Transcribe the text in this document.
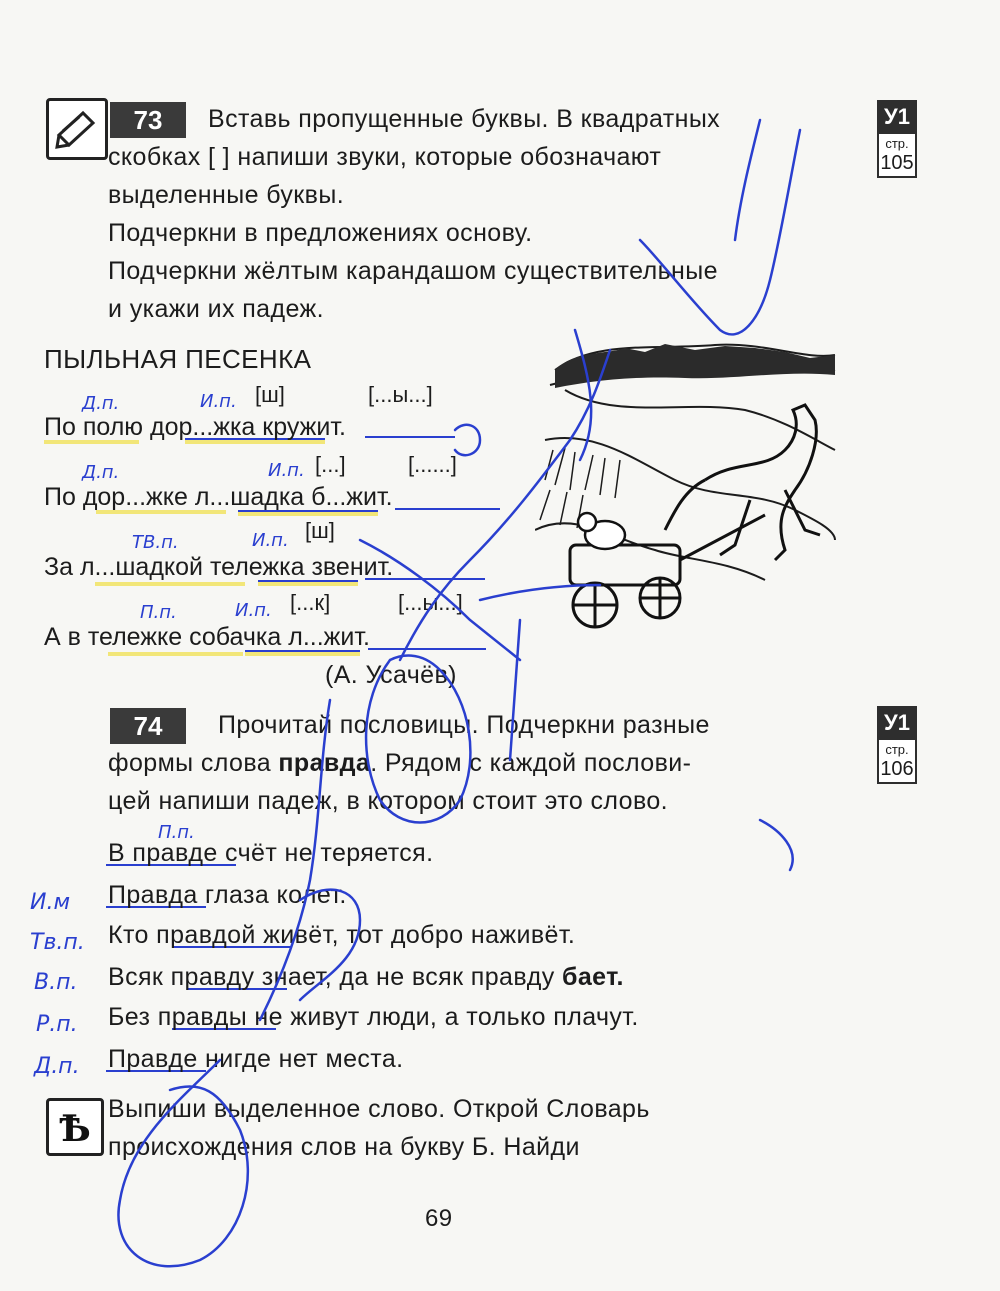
73	Вставь пропущенные буквы. В квадратных
скобках [ ] напиши звуки, которые обозначают
выделенные буквы.
Подчеркни в предложениях основу.
Подчеркни жёлтым карандашом существительные
и укажи их падеж.
У1
стр.
105
ПЫЛЬНАЯ ПЕСЕНКА
[ш]	[...ы...]
Д.п.	И.п.
По полю дор...жка кружит.
[...]	[......]
Д.п.	И.п.
По дор...жке л...шадка б...жит.
[ш]
ТВ.п.	И.п.
За л...шадкой тележка звенит.
[...к]	[...ы...]
П.п.	И.п.
А в тележке собачка л...жит.
(А. Усачёв)
74	Прочитай пословицы. Подчеркни разные
формы слова правда. Рядом с каждой послови-
цей напиши падеж, в котором стоит это слово.
У1
стр.
106
П.п.
В правде счёт не теряется.
И.м Правда глаза колет.
Тв.п. Кто правдой живёт, тот добро наживёт.
В.п. Всяк правду знает, да не всяк правду бает.
Р.п. Без правды не живут люди, а только плачут.
Д.п. Правде нигде нет места.
Ѣ Выпиши выделенное слово. Открой Словарь
происхождения слов на букву Б. Найди
69
